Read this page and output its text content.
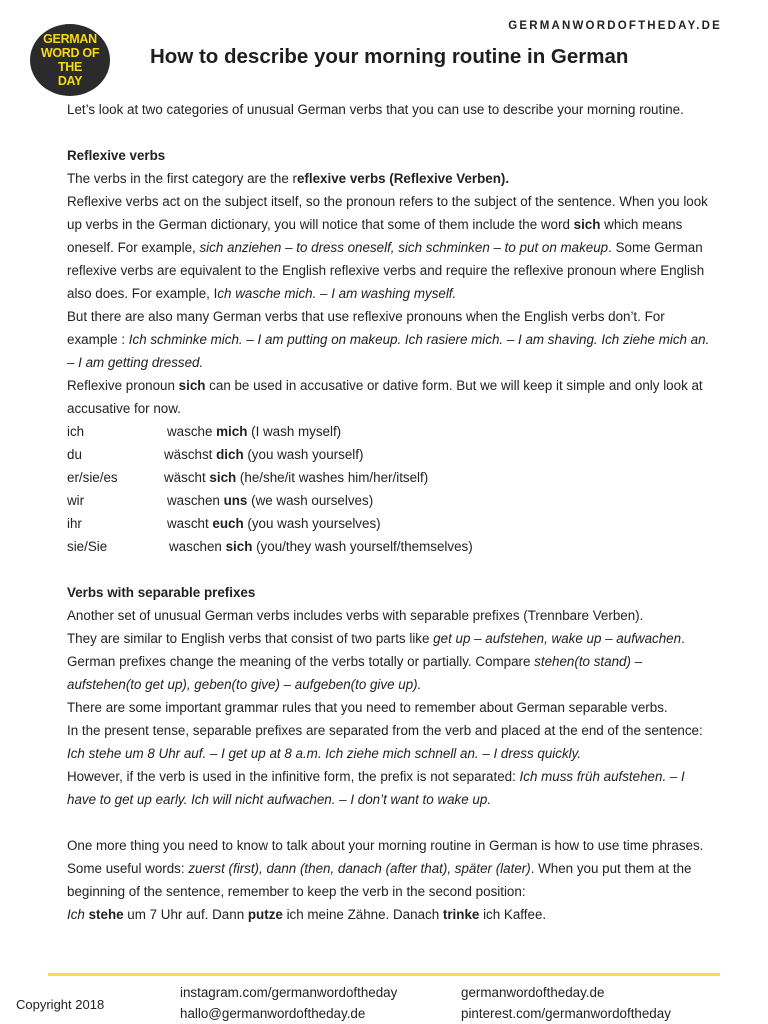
GERMANWORDOFTHEDAY.DE
GERMAN
WORD OF THE
DAY
How to describe your morning routine in German

Let’s look at two categories of unusual German verbs that you can use to describe your morning routine.

Reflexive verbs

The verbs in the first category are the reflexive verbs (Reflexive Verben).

Reflexive verbs act on the subject itself, so the pronoun refers to the subject of the sentence. When you look up verbs in the German dictionary, you will notice that some of them include the word sich which means oneself. For example, sich anziehen – to dress oneself, sich schminken – to put on makeup. Some German reflexive verbs are equivalent to the English reflexive verbs and require the reflexive pronoun where English also does. For example, Ich wasche mich. – I am washing myself.

But there are also many German verbs that use reflexive pronouns when the English verbs don’t. For example : Ich schminke mich. – I am putting on makeup. Ich rasiere mich. – I am shaving. Ich ziehe mich an. – I am getting dressed.

Reflexive pronoun sich can be used in accusative or dative form. But we will keep it simple and only look at accusative for now.

ich	wasche mich (I wash myself)
du	wäschst dich (you wash yourself)
er/sie/es	wäscht sich (he/she/it washes him/her/itself)
wir	waschen uns (we wash ourselves)
ihr	wascht euch (you wash yourselves)
sie/Sie	waschen sich (you/they wash yourself/themselves)

Verbs with separable prefixes

Another set of unusual German verbs includes verbs with separable prefixes (Trennbare Verben).

They are similar to English verbs that consist of two parts like get up – aufstehen, wake up – aufwachen. German prefixes change the meaning of the verbs totally or partially. Compare stehen(to stand) – aufstehen(to get up), geben(to give) – aufgeben(to give up).

There are some important grammar rules that you need to remember about German separable verbs.

In the present tense, separable prefixes are separated from the verb and placed at the end of the sentence: Ich stehe um 8 Uhr auf. – I get up at 8 a.m. Ich ziehe mich schnell an. – I dress quickly.

However, if the verb is used in the infinitive form, the prefix is not separated: Ich muss früh aufstehen. – I have to get up early. Ich will nicht aufwachen. – I don’t want to wake up.

One more thing you need to know to talk about your morning routine in German is how to use time phrases.

Some useful words: zuerst (first), dann (then, danach (after that), später (later). When you put them at the beginning of the sentence, remember to keep the verb in the second position:

Ich stehe um 7 Uhr auf. Dann putze ich meine Zähne. Danach trinke ich Kaffee.

Copyright 2018
instagram.com/germanwordoftheday
hallo@germanwordoftheday.de
germanwordoftheday.de
pinterest.com/germanwordoftheday
